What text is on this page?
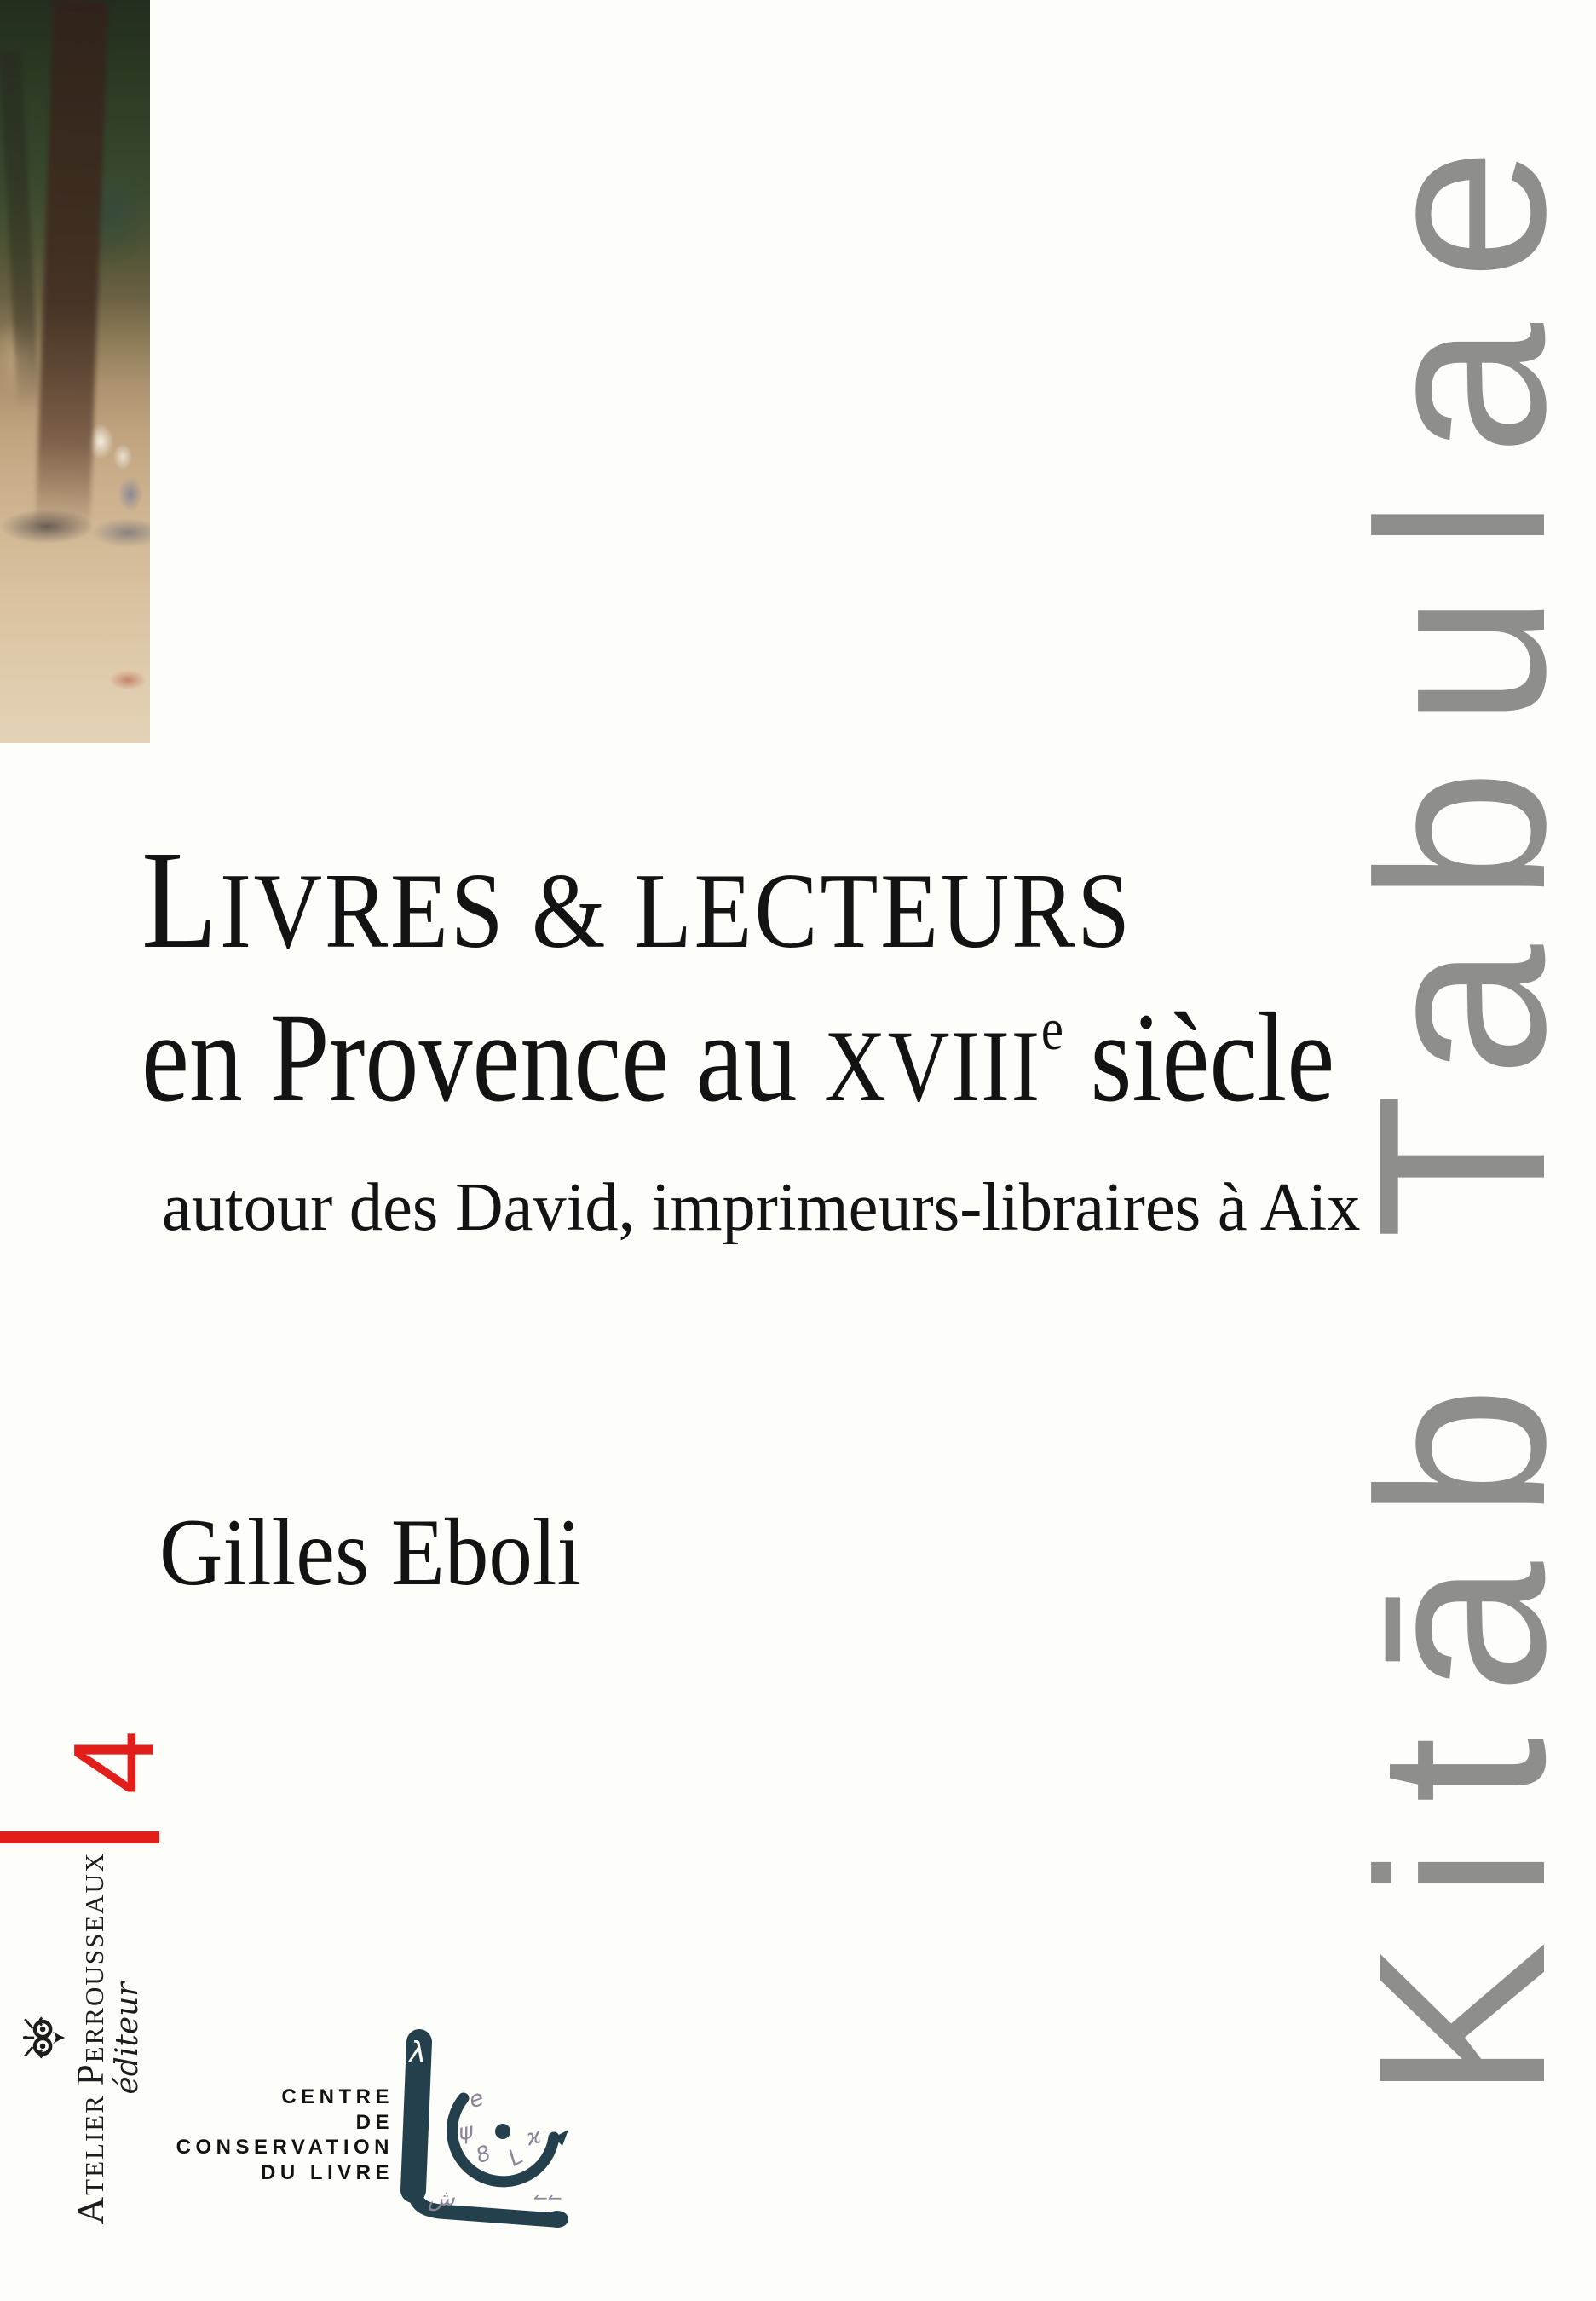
Kitāb Tabulae
LIVRES & LECTEURS
en Provence au XVIIIe siècle
autour des David, imprimeurs-libraires à Aix
Gilles Eboli
4
ATELIER PERROUSSEAUX éditeur
CENTRE
DE
CONSERVATION
DU LIVRE
λ
e
ψ
8 L
ϰ
ش	↼↼
